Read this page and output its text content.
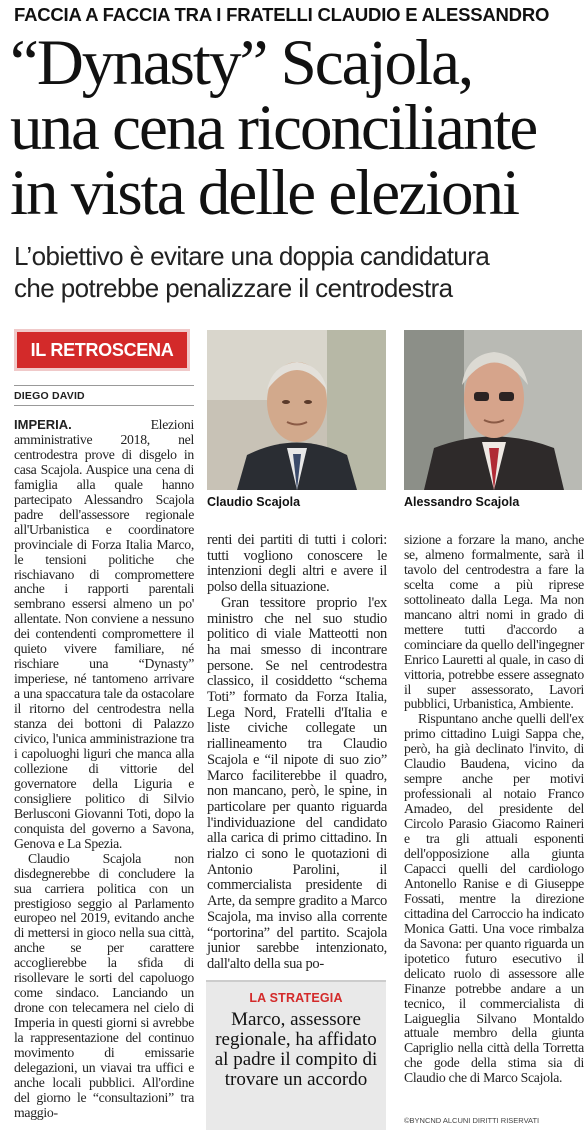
FACCIA A FACCIA TRA I FRATELLI CLAUDIO E ALESSANDRO
“Dynasty” Scajola,
una cena riconciliante
in vista delle elezioni
L’obiettivo è evitare una doppia candidatura
che potrebbe penalizzare il centrodestra
IL RETROSCENA
DIEGO DAVID
Claudio Scajola	Alessandro Scajola

IMPERIA. Elezioni amministrative 2018, nel centrodestra prove di disgelo in casa Scajola. Auspice una cena di famiglia alla quale hanno partecipato Alessandro Scajola padre dell'assessore regionale all'Urbanistica e coordinatore provinciale di Forza Italia Marco, le tensioni politiche che rischiavano di compromettere anche i rapporti parentali sembrano essersi almeno un po' allentate. Non conviene a nessuno dei contendenti compromettere il quieto vivere familiare, né rischiare una “Dynasty” imperiese, né tantomeno arrivare a una spaccatura tale da ostacolare il ritorno del centrodestra nella stanza dei bottoni di Palazzo civico, l'unica amministrazione tra i capoluoghi liguri che manca alla collezione di vittorie del governatore della Liguria e consigliere politico di Silvio Berlusconi Giovanni Toti, dopo la conquista del governo a Savona, Genova e La Spezia.

Claudio Scajola non disdegnerebbe di concludere la sua carriera politica con un prestigioso seggio al Parlamento europeo nel 2019, evitando anche di mettersi in gioco nella sua città, anche se per carattere accoglierebbe la sfida di risollevare le sorti del capoluogo come sindaco. Lanciando un drone con telecamera nel cielo di Imperia in questi giorni si avrebbe la rappresentazione del continuo movimento di emissarie delegazioni, un viavai tra uffici e anche locali pubblici. All'ordine del giorno le “consultazioni” tra maggio-

renti dei partiti di tutti i colori: tutti vogliono conoscere le intenzioni degli altri e avere il polso della situazione.

Gran tessitore proprio l'ex ministro che nel suo studio politico di viale Matteotti non ha mai smesso di incontrare persone. Se nel centrodestra classico, il cosiddetto “schema Toti” formato da Forza Italia, Lega Nord, Fratelli d'Italia e liste civiche collegate un riallineamento tra Claudio Scajola e “il nipote di suo zio” Marco faciliterebbe il quadro, non mancano, però, le spine, in particolare per quanto riguarda l'individuazione del candidato alla carica di primo cittadino. In rialzo ci sono le quotazioni di Antonio Parolini, il commercialista presidente di Arte, da sempre gradito a Marco Scajola, ma inviso alla corrente “portorina” del partito. Scajola junior sarebbe intenzionato, dall'alto della sua po-

LA STRATEGIA
Marco, assessore regionale, ha affidato al padre il compito di trovare un accordo

sizione a forzare la mano, anche se, almeno formalmente, sarà il tavolo del centrodestra a fare la scelta come a più riprese sottolineato dalla Lega. Ma non mancano altri nomi in grado di mettere tutti d'accordo a cominciare da quello dell'ingegner Enrico Lauretti al quale, in caso di vittoria, potrebbe essere assegnato il super assessorato, Lavori pubblici, Urbanistica, Ambiente.

Rispuntano anche quelli dell'ex primo cittadino Luigi Sappa che, però, ha già declinato l'invito, di Claudio Baudena, vicino da sempre anche per motivi professionali al notaio Franco Amadeo, del presidente del Circolo Parasio Giacomo Raineri e tra gli attuali esponenti dell'opposizione alla giunta Capacci quelli del cardiologo Antonello Ranise e di Giuseppe Fossati, mentre la direzione cittadina del Carroccio ha indicato Monica Gatti. Una voce rimbalza da Savona: per quanto riguarda un ipotetico futuro esecutivo il delicato ruolo di assessore alle Finanze potrebbe andare a un tecnico, il commercialista di Laigueglia Silvano Montaldo attuale membro della giunta Capriglio nella città della Torretta che gode della stima sia di Claudio che di Marco Scajola.

©BYNCND ALCUNI DIRITTI RISERVATI
